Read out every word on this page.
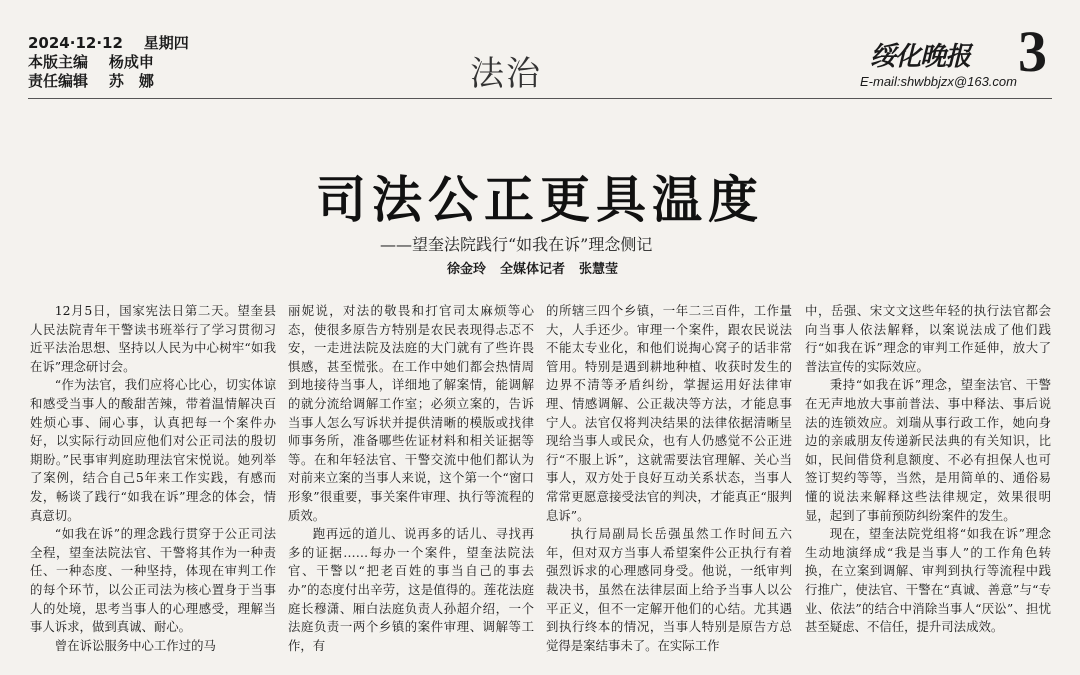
2024·12·12 星期四
本版主编 杨成申
责任编辑 苏　娜	法治	绥化晚报 3
E-mail:shwbbjzx@163.com
司法公正更具温度
——望奎法院践行“如我在诉”理念侧记
徐金玲 全媒体记者 张慧莹

12月5日，国家宪法日第二天。望奎县人民法院青年干警读书班举行了学习贯彻习近平法治思想、坚持以人民为中心树牢“如我在诉”理念研讨会。

“作为法官，我们应将心比心，切实体谅和感受当事人的酸甜苦辣，带着温情解决百姓烦心事、闹心事，认真把每一个案件办好，以实际行动回应他们对公正司法的殷切期盼。”民事审判庭助理法官宋悦说。她列举了案例，结合自己5年来工作实践，有感而发，畅谈了践行“如我在诉”理念的体会，情真意切。

“如我在诉”的理念践行贯穿于公正司法全程，望奎法院法官、干警将其作为一种责任、一种态度、一种坚持，体现在审判工作的每个环节，以公正司法为核心置身于当事人的处境，思考当事人的心理感受，理解当事人诉求，做到真诚、耐心。

曾在诉讼服务中心工作过的马

丽妮说，对法的敬畏和打官司太麻烦等心态，使很多原告方特别是农民表现得忐忑不安，一走进法院及法庭的大门就有了些许畏惧感，甚至慌张。在工作中她们都会热情周到地接待当事人，详细地了解案情，能调解的就分流给调解工作室；必须立案的，告诉当事人怎么写诉状并提供清晰的模版或找律师事务所，准备哪些佐证材料和相关证据等等。在和年轻法官、干警交流中他们都认为对前来立案的当事人来说，这个第一个“窗口形象”很重要，事关案件审理、执行等流程的质效。

跑再远的道儿、说再多的话儿、寻找再多的证据……每办一个案件，望奎法院法官、干警以“把老百姓的事当自己的事去办”的态度付出辛劳，这是值得的。莲花法庭庭长穆潇、厢白法庭负责人孙超介绍，一个法庭负责一两个乡镇的案件审理、调解等工作，有

的所辖三四个乡镇，一年二三百件，工作量大，人手还少。审理一个案件，跟农民说法不能太专业化，和他们说掏心窝子的话非常管用。特别是遇到耕地种植、收获时发生的边界不清等矛盾纠纷，掌握运用好法律审理、情感调解、公正裁决等方法，才能息事宁人。法官仅将判决结果的法律依据清晰呈现给当事人或民众，也有人仍感觉不公正进行“不服上诉”，这就需要法官理解、关心当事人，双方处于良好互动关系状态，当事人常常更愿意接受法官的判决，才能真正“服判息诉”。

执行局副局长岳强虽然工作时间五六年，但对双方当事人希望案件公正执行有着强烈诉求的心理感同身受。他说，一纸审判裁决书，虽然在法律层面上给予当事人以公平正义，但不一定解开他们的心结。尤其遇到执行终本的情况，当事人特别是原告方总觉得是案结事未了。在实际工作

中，岳强、宋文文这些年轻的执行法官都会向当事人依法解释，以案说法成了他们践行“如我在诉”理念的审判工作延伸，放大了普法宣传的实际效应。

秉持“如我在诉”理念，望奎法官、干警在无声地放大事前普法、事中释法、事后说法的连锁效应。刘瑞从事行政工作，她向身边的亲戚朋友传递新民法典的有关知识，比如，民间借贷利息额度、不必有担保人也可签订契约等等，当然，是用简单的、通俗易懂的说法来解释这些法律规定，效果很明显，起到了事前预防纠纷案件的发生。

现在，望奎法院党组将“如我在诉”理念生动地演绎成“我是当事人”的工作角色转换，在立案到调解、审判到执行等流程中践行推广，使法官、干警在“真诚、善意”与“专业、依法”的结合中消除当事人“厌讼”、担忧甚至疑虑、不信任，提升司法成效。
